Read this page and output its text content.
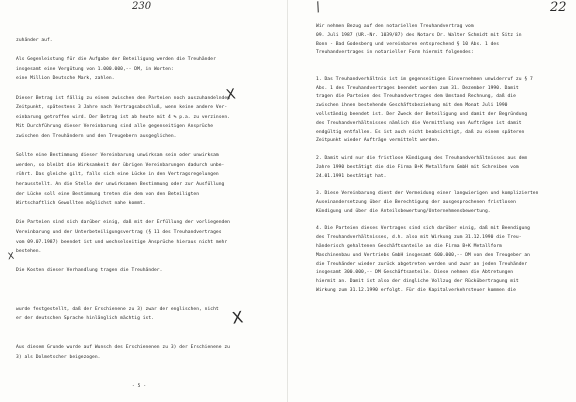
230
zuhänder auf.
Als Gegenleistung für die Aufgabe der Beteiligung werden die Treuhänder
insgesamt eine Vergütung von 1.000.000,-- DM, in Worten:
eine Million Deutsche Mark, zahlen.
Dieser Betrag ist fällig zu einem zwischen den Parteien noch auszuhandelnden
Zeitpunkt, spätestens 3 Jahre nach Vertragsabschluß, wenn keine andere Ver-
einbarung getroffen wird. Der Betrag ist ab heute mit 4 % p.a. zu verzinsen.
Mit Durchführung dieser Vereinbarung sind alle gegenseitigen Ansprüche
zwischen den Treuhändern und den Treugebern ausgeglichen.
Sollte eine Bestimmung dieser Vereinbarung unwirksam sein oder unwirksam
werden, so bleibt die Wirksamkeit der übrigen Vereinbarungen dadurch unbe-
rührt. Das gleiche gilt, falls sich eine Lücke in den Vertragsregelungen
herausstellt. An die Stelle der unwirksamen Bestimmung oder zur Ausfüllung
der Lücke soll eine Bestimmung treten die dem von den Beteiligten
Wirtschaftlich Gewollten möglichst nahe kommt.
Die Parteien sind sich darüber einig, daß mit der Erfüllung der vorliegenden
Vereinbarung und der Unterbeteiligungsvertrag (§ 11 des Treuhandvertrages
vom 09.07.1987) beendet ist und wechselseitige Ansprüche hieraus nicht mehr
bestehen.
Die Kosten dieser Verhandlung tragen die Treuhänder.
wurde festgestellt, daß der Erschienene zu 3) zwar der englischen, nicht
er der deutschen Sprache hinlänglich mächtig ist.
Aus diesem Grunde wurde auf Wunsch des Erschienenen zu 3) der Erschienene zu
3) als Dolmetscher beigezogen.
- 5 -
X
X
X
/	22
Wir nehmen Bezug auf den notariellen Treuhandvertrag vom
09. Juli 1987 (UR.-Nr. 1039/87) des Notars Dr. Walter Schmidt mit Sitz in
Bonn - Bad Godesberg und vereinbaren entsprechend § 10 Abs. 1 des
Treuhandvertrages in notarieller Form hiermit folgendes:
1. Das Treuhandverhältnis ist im gegenseitigen Einvernehmen unwiderruf zu § 7
Abs. 1 des Treuhandvertrages beendet worden zum 31. Dezember 1990. Damit
tragen die Parteien des Treuhandvertrages dem Umstand Rechnung, daß die
zwischen ihnen bestehende Geschäftsbeziehung mit dem Monat Juli 1990
vollständig beendet ist. Der Zweck der Beteiligung und damit der Begründung
des Treuhandverhältnisses nämlich die Vermittlung von Aufträgen ist damit
endgültig entfallen. Es ist auch nicht beabsichtigt, daß zu einem späteren
Zeitpunkt wieder Aufträge vermittelt werden.
2. Damit wird nur die fristlose Kündigung des Treuhandverhältnisses aus dem
Jahre 1990 bestätigt die die Firma B+K Metallform GmbH mit Schreiben vom
24.01.1991 bestätigt hat.
3. Diese Vereinbarung dient der Vermeidung einer langwierigen und komplizierten
Auseinandersetzung über die Berechtigung der ausgesprochenen fristlosen
Kündigung und über die Anteilsbewertung/Unternehmensbewertung.
4. Die Parteien dieses Vertrages sind sich darüber einig, daß mit Beendigung
des Treuhandverhältnisses, d.h. also mit Wirkung zum 31.12.1990 die Treu-
händerisch gehaltenen Geschäftsanteile an die Firma B+K Metallform
Maschinenbau und Vertriebs GmbH insgesamt 600.000,-- DM von den Treugeber an
die Treuhänder wieder zurück abgetreten werden und zwar an jeden Treuhänder
insgesamt 300.000,-- DM Geschäftsanteile. Diese nehmen die Abtretungen
hiermit an. Damit ist also der dingliche Vollzug der Rückübertragung mit
Wirkung zum 31.12.1990 erfolgt. Für die Kapitalverkehrsteuer kommen die
